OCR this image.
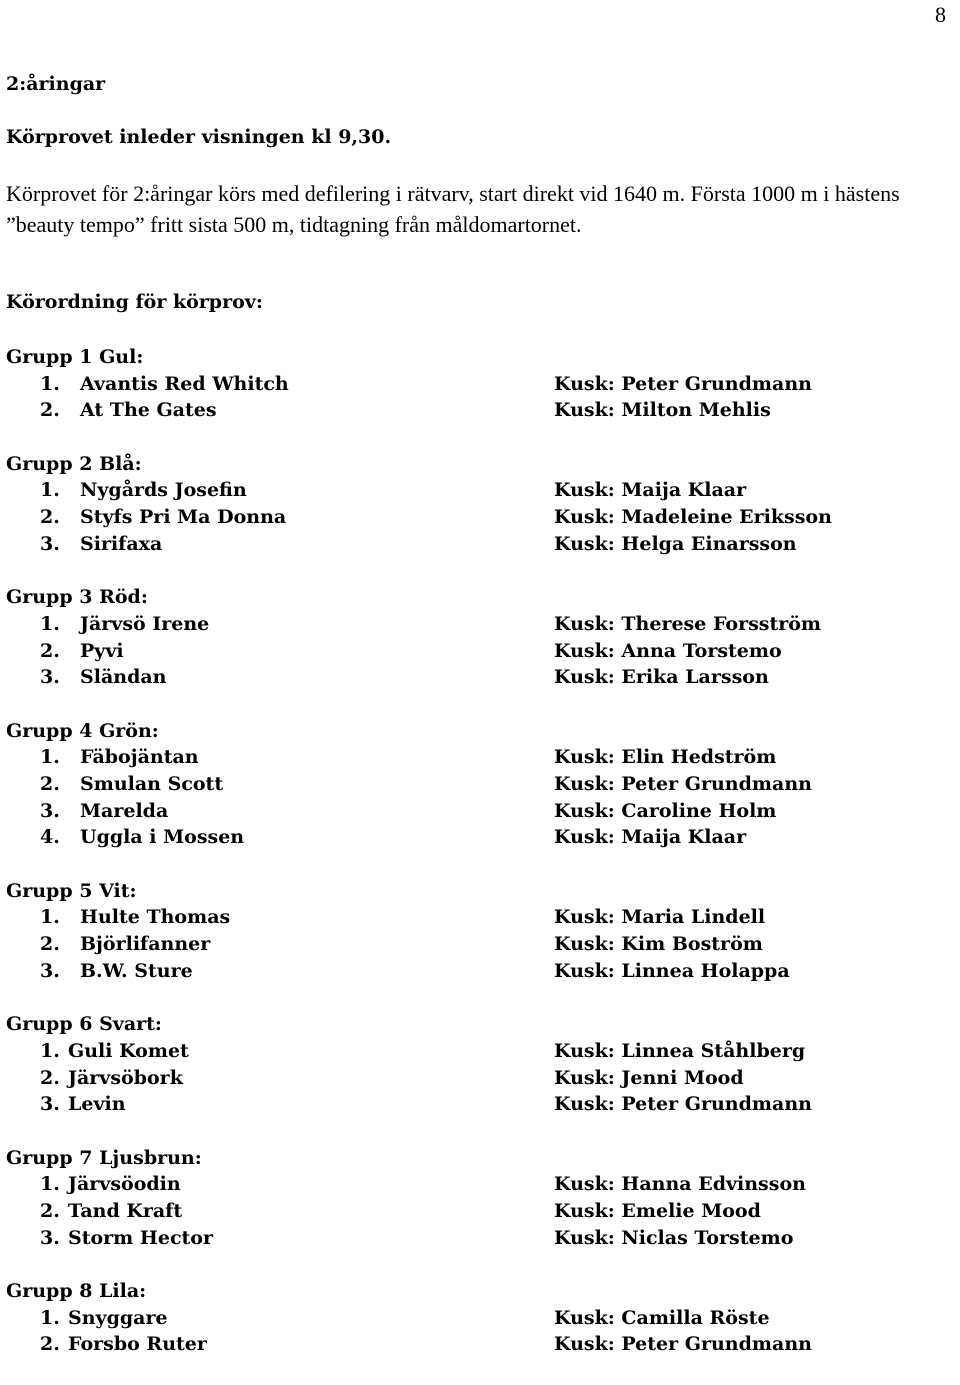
8
2:åringar
Körprovet inleder visningen kl 9,30.

Körprovet för 2:åringar körs med defilering i rätvarv, start direkt vid 1640 m. Första 1000 m i hästens ”beauty tempo” fritt sista 500 m, tidtagning från måldomartornet.

Körordning för körprov:
Grupp 1 Gul:
1. Avantis Red Whitch	Kusk: Peter Grundmann
2. At The Gates	Kusk: Milton Mehlis
Grupp 2 Blå:
1. Nygårds Josefin	Kusk: Maija Klaar
2. Styfs Pri Ma Donna	Kusk: Madeleine Eriksson
3. Sirifaxa	Kusk: Helga Einarsson
Grupp 3 Röd:
1. Järvsö Irene	Kusk: Therese Forsström
2. Pyvi	Kusk: Anna Torstemo
3. Sländan	Kusk: Erika Larsson
Grupp 4 Grön:
1. Fäbojäntan	Kusk: Elin Hedström
2. Smulan Scott	Kusk: Peter Grundmann
3. Marelda	Kusk: Caroline Holm
4. Uggla i Mossen	Kusk: Maija Klaar
Grupp 5 Vit:
1. Hulte Thomas	Kusk: Maria Lindell
2. Björlifanner	Kusk: Kim Boström
3. B.W. Sture	Kusk: Linnea Holappa
Grupp 6 Svart:
1. Guli Komet	Kusk: Linnea Ståhlberg
2. Järvsöbork	Kusk: Jenni Mood
3. Levin	Kusk: Peter Grundmann
Grupp 7 Ljusbrun:
1. Järvsöodin	Kusk: Hanna Edvinsson
2. Tand Kraft	Kusk: Emelie Mood
3. Storm Hector	Kusk: Niclas Torstemo
Grupp 8 Lila:
1. Snyggare	Kusk: Camilla Röste
2. Forsbo Ruter	Kusk: Peter Grundmann
